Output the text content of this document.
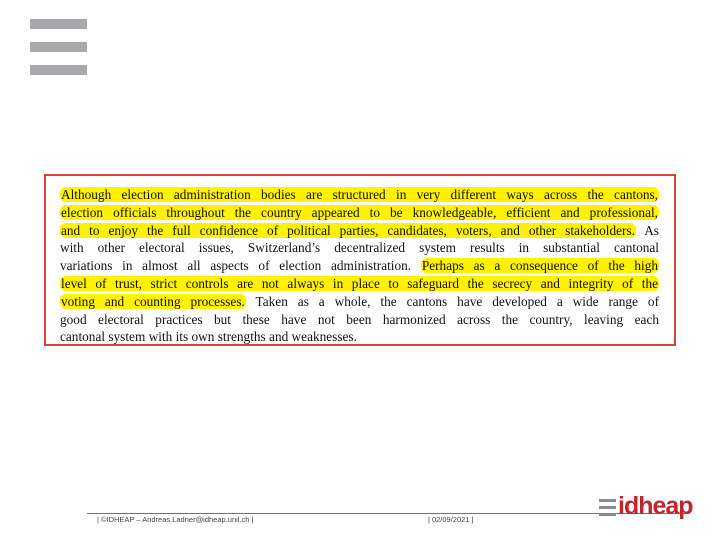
Although election administration bodies are structured in very different ways across the cantons,
election officials throughout the country appeared to be knowledgeable, efficient and professional,
and to enjoy the full confidence of political parties, candidates, voters, and other stakeholders. As
with other electoral issues, Switzerland’s decentralized system results in substantial cantonal
variations in almost all aspects of election administration. Perhaps as a consequence of the high
level of trust, strict controls are not always in place to safeguard the secrecy and integrity of the
voting and counting processes. Taken as a whole, the cantons have developed a wide range of
good electoral practices but these have not been harmonized across the country, leaving each
cantonal system with its own strengths and weaknesses.
| ©IDHEAP – Andreas.Ladner@idheap.unil.ch |	| 02/09/2021 |	idheap
